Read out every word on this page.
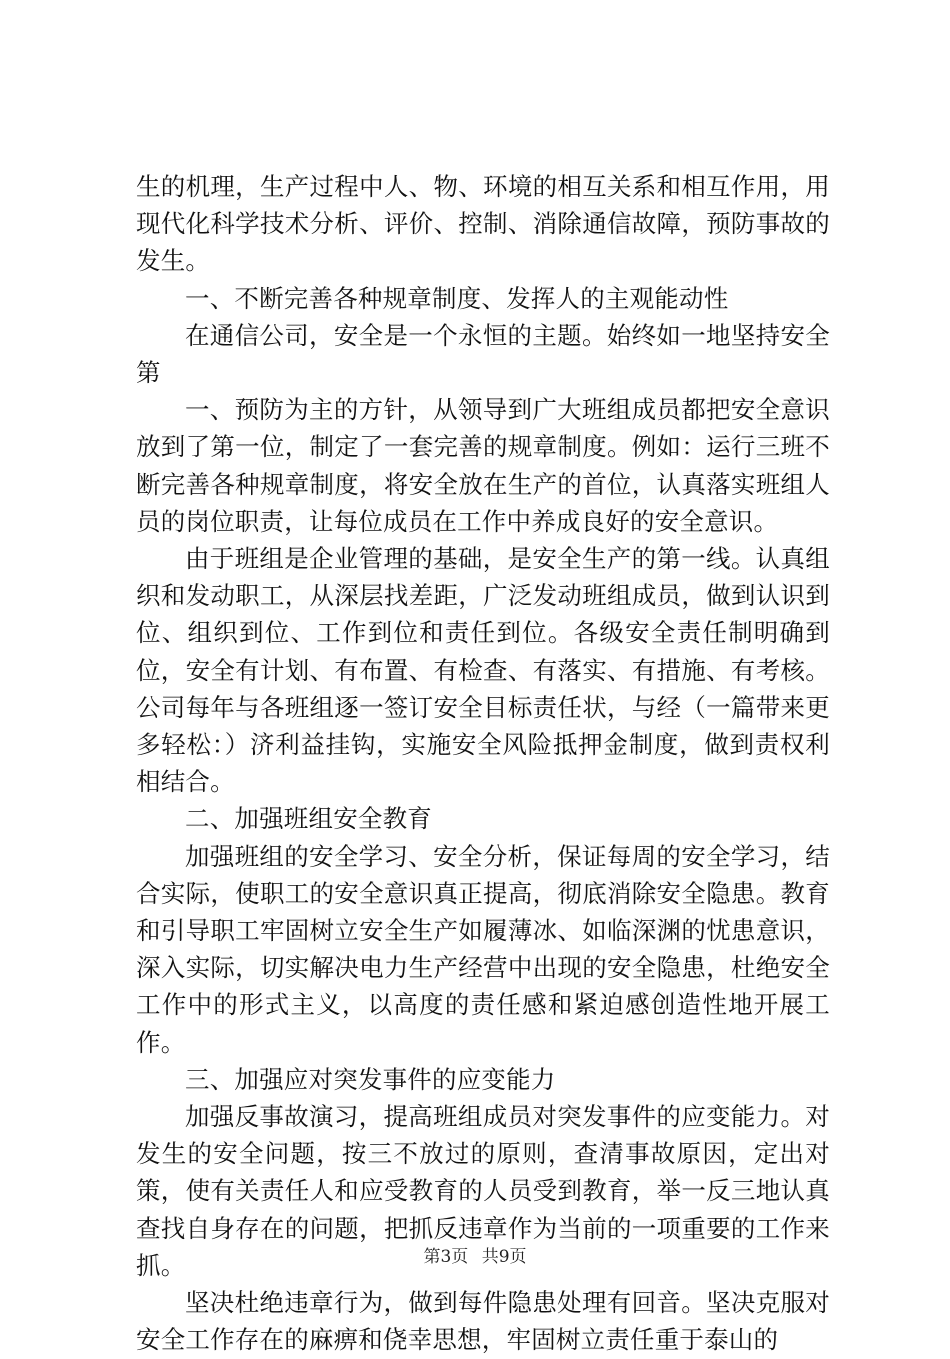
生的机理，生产过程中人、物、环境的相互关系和相互作用，用现代化科学技术分析、评价、控制、消除通信故障，预防事故的发生。

一、不断完善各种规章制度、发挥人的主观能动性

在通信公司，安全是一个永恒的主题。始终如一地坚持安全第

一、预防为主的方针，从领导到广大班组成员都把安全意识放到了第一位，制定了一套完善的规章制度。例如：运行三班不断完善各种规章制度，将安全放在生产的首位，认真落实班组人员的岗位职责，让每位成员在工作中养成良好的安全意识。

由于班组是企业管理的基础，是安全生产的第一线。认真组织和发动职工，从深层找差距，广泛发动班组成员，做到认识到位、组织到位、工作到位和责任到位。各级安全责任制明确到位，安全有计划、有布置、有检查、有落实、有措施、有考核。公司每年与各班组逐一签订安全目标责任状，与经（一篇带来更多轻松：）济利益挂钩，实施安全风险抵押金制度，做到责权利相结合。

二、加强班组安全教育

加强班组的安全学习、安全分析，保证每周的安全学习，结合实际，使职工的安全意识真正提高，彻底消除安全隐患。教育和引导职工牢固树立安全生产如履薄冰、如临深渊的忧患意识，深入实际，切实解决电力生产经营中出现的安全隐患，杜绝安全工作中的形式主义，以高度的责任感和紧迫感创造性地开展工作。

三、加强应对突发事件的应变能力

加强反事故演习，提高班组成员对突发事件的应变能力。对发生的安全问题，按三不放过的原则，查清事故原因，定出对策，使有关责任人和应受教育的人员受到教育，举一反三地认真查找自身存在的问题，把抓反违章作为当前的一项重要的工作来抓。

坚决杜绝违章行为，做到每件隐患处理有回音。坚决克服对安全工作存在的麻痹和侥幸思想，牢固树立责任重于泰山的

第3页 共9页
